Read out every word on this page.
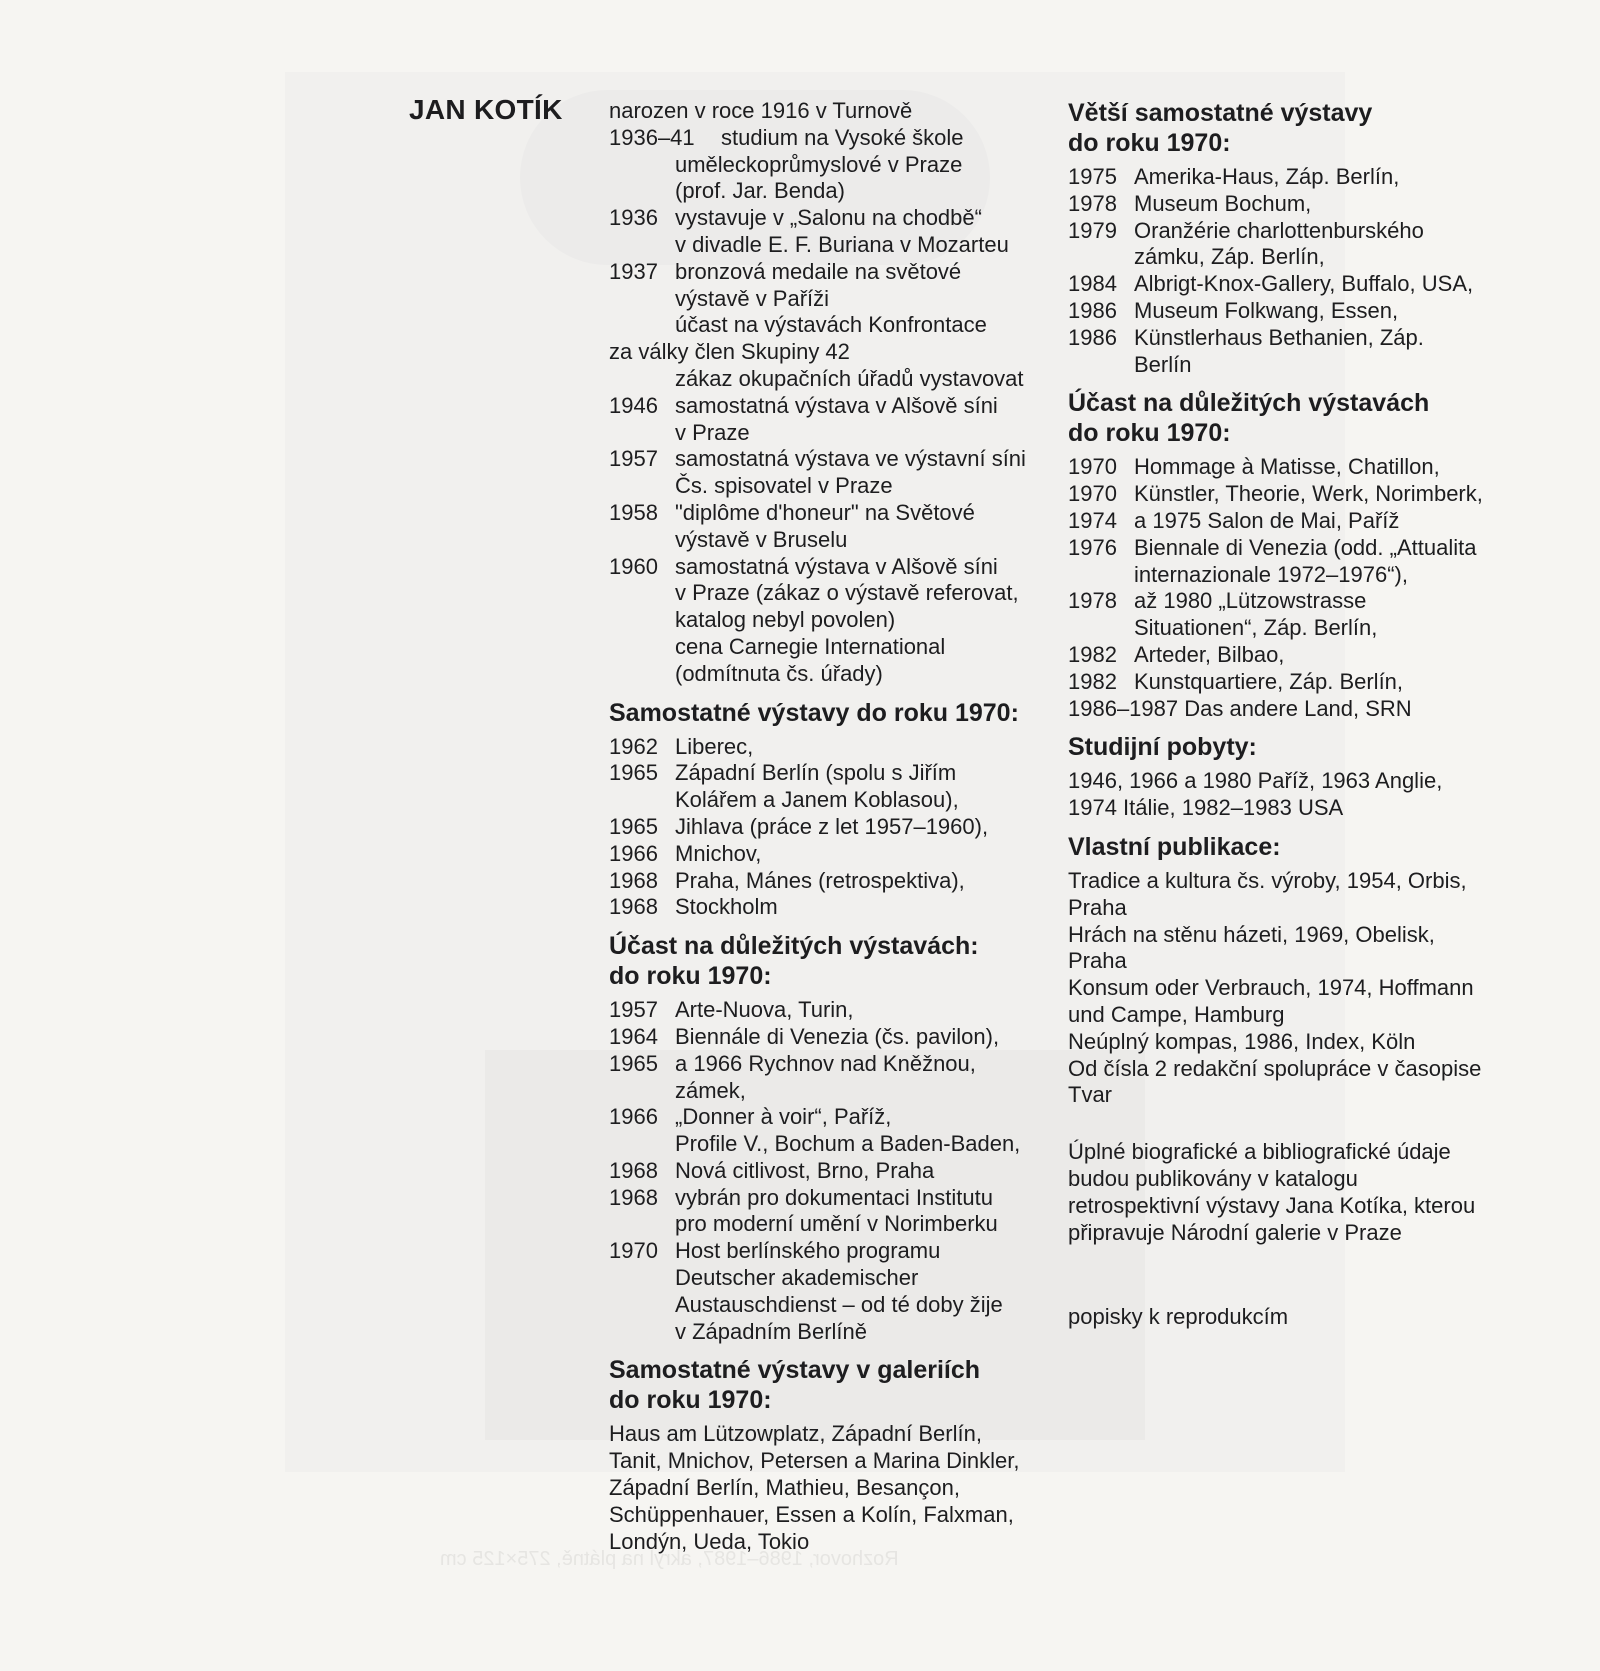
JAN KOTÍK narozen v roce 1916 v Turnově
1936–41	studium na Vysoké škole
uměleckoprůmyslové v Praze
(prof. Jar. Benda)
1936 vystavuje v „Salonu na chodbě“
v divadle E. F. Buriana v Mozarteu
1937 bronzová medaile na světové
výstavě v Paříži
účast na výstavách Konfrontace
za války člen Skupiny 42
zákaz okupačních úřadů vystavovat
1946 samostatná výstava v Alšově síni
v Praze
1957 samostatná výstava ve výstavní síni
Čs. spisovatel v Praze
1958 "diplôme d'honeur" na Světové
výstavě v Bruselu
1960 samostatná výstava v Alšově síni
v Praze (zákaz o výstavě referovat,
katalog nebyl povolen)
cena Carnegie International
(odmítnuta čs. úřady)
Samostatné výstavy do roku 1970:
1962 Liberec,
1965 Západní Berlín (spolu s Jiřím
Kolářem a Janem Koblasou),
1965 Jihlava (práce z let 1957–1960),
1966 Mnichov,
1968 Praha, Mánes (retrospektiva),
1968 Stockholm
Účast na důležitých výstavách:
do roku 1970:
1957 Arte-Nuova, Turin,
1964 Biennále di Venezia (čs. pavilon),
1965 a 1966 Rychnov nad Kněžnou,
zámek,
1966 „Donner à voir“, Paříž,
Profile V., Bochum a Baden-Baden,
1968 Nová citlivost, Brno, Praha
1968 vybrán pro dokumentaci Institutu
pro moderní umění v Norimberku
1970 Host berlínského programu
Deutscher akademischer
Austauschdienst – od té doby žije
v Západním Berlíně
Samostatné výstavy v galeriích
do roku 1970:
Haus am Lützowplatz, Západní Berlín,
Tanit, Mnichov, Petersen a Marina Dinkler,
Západní Berlín, Mathieu, Besançon,
Schüppenhauer, Essen a Kolín, Falxman,
Londýn, Ueda, Tokio
Větší samostatné výstavy
do roku 1970:
1975 Amerika-Haus, Záp. Berlín,
1978 Museum Bochum,
1979 Oranžérie charlottenburského
zámku, Záp. Berlín,
1984 Albrigt-Knox-Gallery, Buffalo, USA,
1986 Museum Folkwang, Essen,
1986 Künstlerhaus Bethanien, Záp.
Berlín
Účast na důležitých výstavách
do roku 1970:
1970 Hommage à Matisse, Chatillon,
1970 Künstler, Theorie, Werk, Norimberk,
1974 a 1975 Salon de Mai, Paříž
1976 Biennale di Venezia (odd. „Attualita
internazionale 1972–1976“),
1978 až 1980 „Lützowstrasse
Situationen“, Záp. Berlín,
1982 Arteder, Bilbao,
1982 Kunstquartiere, Záp. Berlín,
1986–1987 Das andere Land, SRN
Studijní pobyty:
1946, 1966 a 1980 Paříž, 1963 Anglie,
1974 Itálie, 1982–1983 USA
Vlastní publikace:
Tradice a kultura čs. výroby, 1954, Orbis,
Praha
Hrách na stěnu házeti, 1969, Obelisk,
Praha
Konsum oder Verbrauch, 1974, Hoffmann
und Campe, Hamburg
Neúplný kompas, 1986, Index, Köln
Od čísla 2 redakční spolupráce v časopise
Tvar
Úplné biografické a bibliografické údaje
budou publikovány v katalogu
retrospektivní výstavy Jana Kotíka, kterou
připravuje Národní galerie v Praze
popisky k reprodukcím
Rozhovor, 1986–1987, akryl na plátně, 275×125 cm
